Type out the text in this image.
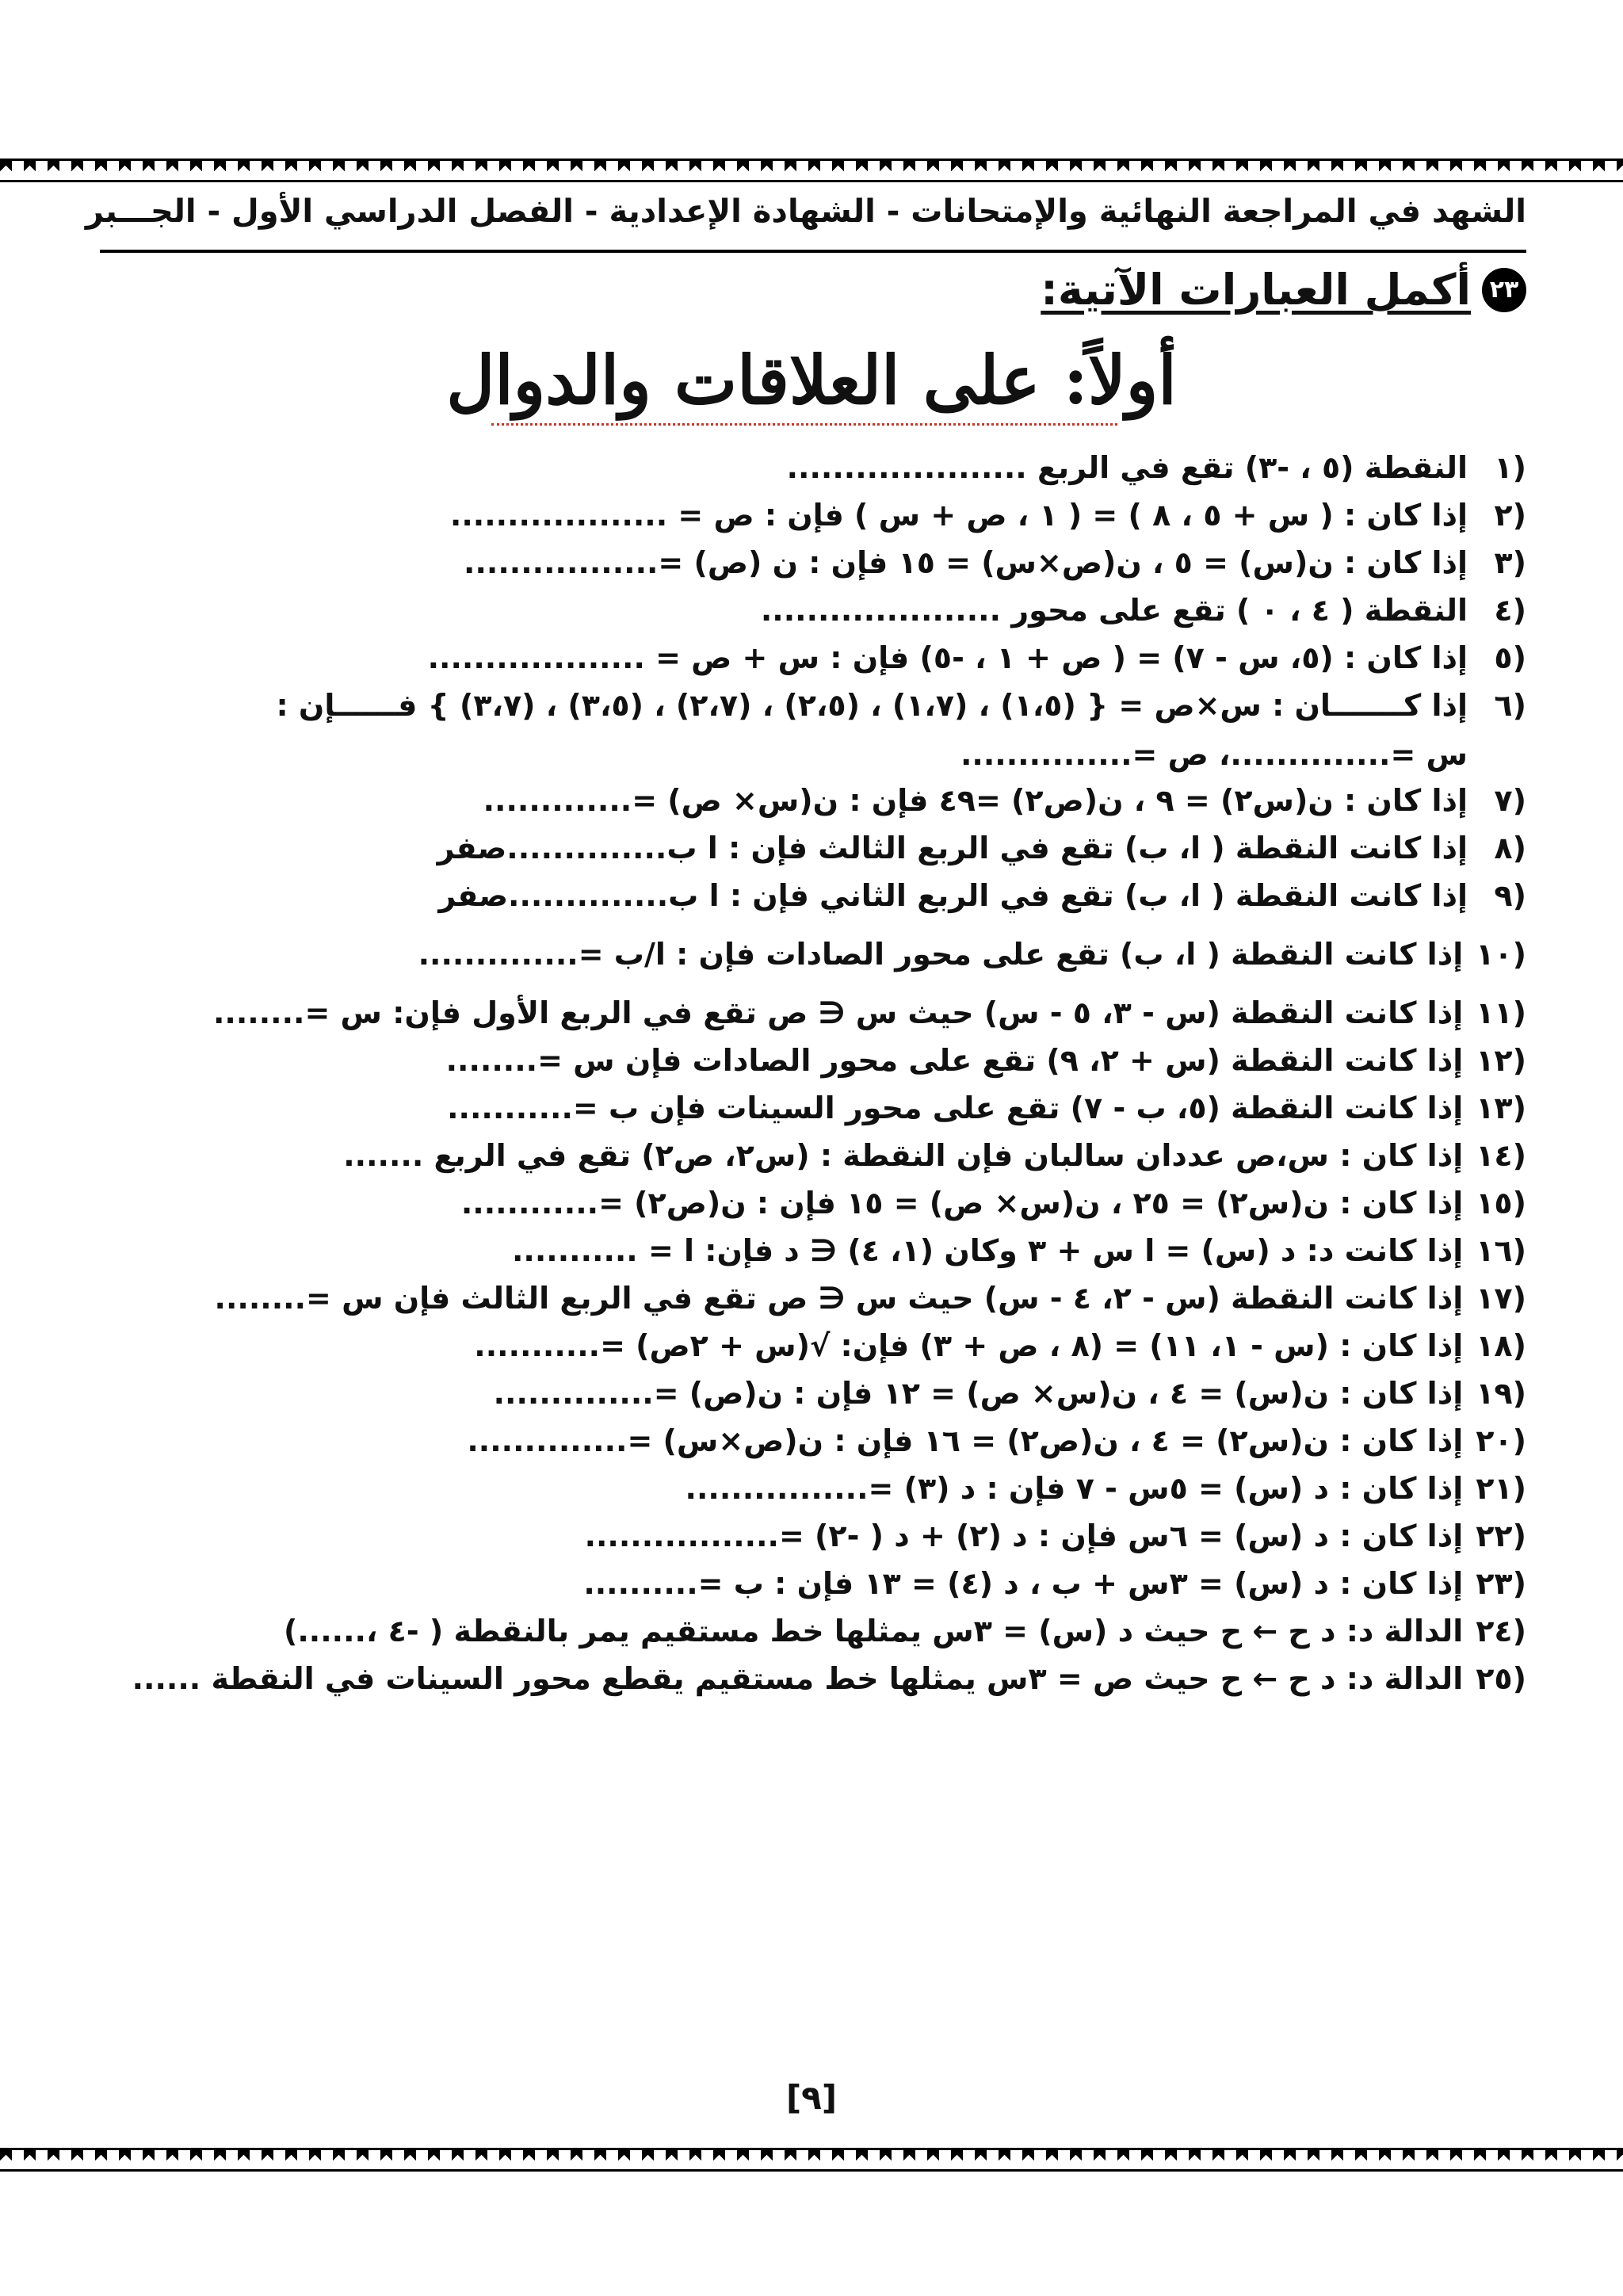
الشهد في المراجعة النهائية والإمتحانات - الشهادة الإعدادية - الفصل الدراسي الأول - الجـــبر
٢٣
أكمل العبارات الآتية:
أولاً: على العلاقات والدوال
(١
النقطة (٥ ، -٣) تقع في الربع .....................
(٢
إذا كان : ( س + ٥ ، ٨ ) = ( ١ ، ص + س ) فإن : ص = ...................
(٣
إذا كان : ن(س) = ٥ ، ن(ص×س) = ١٥ فإن : ن (ص) =.................
(٤
النقطة ( ٤ ، ٠ ) تقع على محور .....................
(٥
إذا كان : (٥، س - ٧) = ( ص + ١ ، -٥) فإن : س + ص = ...................
(٦
إذا كـــــــان : س×ص = { (١،٥) ، (١،٧) ، (٢،٥) ، (٢،٧) ، (٣،٥) ، (٣،٧) } فــــــإن :
س =..............، ص =...............
(٧
إذا كان : ن(س٢) = ٩ ، ن(ص٢) =٤٩ فإن : ن(س× ص) =.............
(٨
إذا كانت النقطة ( ا، ب) تقع في الربع الثالث فإن : ا ب..............صفر
(٩
إذا كانت النقطة ( ا، ب) تقع في الربع الثاني فإن : ا ب..............صفر
(١٠
إذا كانت النقطة ( ا، ب) تقع على محور الصادات فإن : ا/ب =..............
(١١
إذا كانت النقطة (س - ٣، ٥ - س) حيث س ∈ ص تقع في الربع الأول فإن: س =........
(١٢
إذا كانت النقطة (س + ٢، ٩) تقع على محور الصادات فإن س =........
(١٣
إذا كانت النقطة (٥، ب - ٧) تقع على محور السينات فإن ب =...........
(١٤
إذا كان : س،ص عددان سالبان فإن النقطة : (س٢، ص٢) تقع في الربع .......
(١٥
إذا كان : ن(س٢) = ٢٥ ، ن(س× ص) = ١٥ فإن : ن(ص٢) =............
(١٦
إذا كانت د: د (س) = ا س + ٣ وكان (١، ٤) ∈ د فإن: ا = ...........
(١٧
إذا كانت النقطة (س - ٢، ٤ - س) حيث س ∈ ص تقع في الربع الثالث فإن س =........
(١٨
إذا كان : (س - ١، ١١) = (٨ ، ص + ٣) فإن: √(س + ٢ص) =...........
(١٩
إذا كان : ن(س) = ٤ ، ن(س× ص) = ١٢ فإن : ن(ص) =..............
(٢٠
إذا كان : ن(س٢) = ٤ ، ن(ص٢) = ١٦ فإن : ن(ص×س) =..............
(٢١
إذا كان : د (س) = ٥س - ٧ فإن : د (٣) =................
(٢٢
إذا كان : د (س) = ٦س فإن : د (٢) + د ( -٢) =.................
(٢٣
إذا كان : د (س) = ٣س + ب ، د (٤) = ١٣ فإن : ب =..........
(٢٤
الدالة د: د ح ← ح حيث د (س) = ٣س يمثلها خط مستقيم يمر بالنقطة ( -٤ ،......)
(٢٥
الدالة د: د ح ← ح حيث ص = ٣س يمثلها خط مستقيم يقطع محور السينات في النقطة ......
[٩]
